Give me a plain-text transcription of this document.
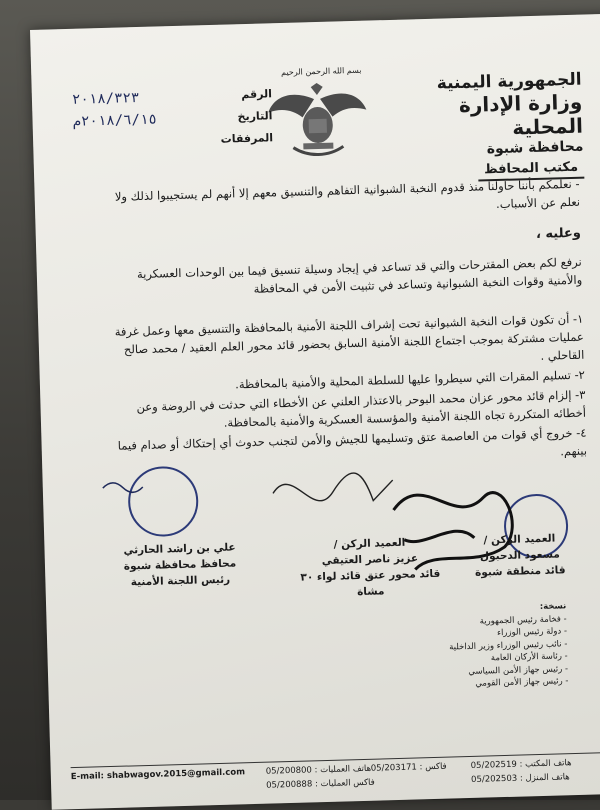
الجمهورية اليمنية
وزارة الإدارة المحلية
محافظة شبوة
مكتب المحافظ
بسم الله الرحمن الرحيم
الرقم
٢٠١٨/٣٢٣
التاريخ
٢٠١٨/٦/١٥م
المرفقات
- نعلمكم بأننا حاولنا منذ قدوم النخبة الشبوانية التفاهم والتنسيق معهم إلا أنهم لم يستجيبوا لذلك ولا نعلم عن الأسباب.
وعليه ،
نرفع لكم بعض المقترحات والتي قد تساعد في إيجاد وسيلة تنسيق فيما بين الوحدات العسكرية والأمنية وقوات النخبة الشبوانية وتساعد في تثبيت الأمن في المحافظة
١- أن تكون قوات النخبة الشبوانية تحت إشراف اللجنة الأمنية بالمحافظة والتنسيق معها وعمل غرفة عمليات مشتركة بموجب اجتماع اللجنة الأمنية السابق بحضور قائد محور العلم العقيد / محمد صالح القاحلي .
٢- تسليم المقرات التي سيطروا عليها للسلطة المحلية والأمنية بالمحافظة.
٣- إلزام قائد محور عزان محمد البوحر بالاعتذار العلني عن الأخطاء التي حدثت في الروضة وعن أخطائه المتكررة تجاه اللجنة الأمنية والمؤسسة العسكرية والأمنية بالمحافظة.
٤- خروج أي قوات من العاصمة عتق وتسليمها للجيش والأمن لتجنب حدوث أي إحتكاك أو صدام فيما بينهم.
العميد الركن /
مسعود الدحبول
قائد منطقة شبوة
العميد الركن /
عزيز ناصر العتيقي
قائد محور عتق قائد لواء ٣٠ مشاة
علي بن راشد الحارثي
محافظ محافظة شبوة
رئيس اللجنة الأمنية
نسخة:
- فخامة رئيس الجمهورية
- دولة رئيس الوزراء
- نائب رئيس الوزراء وزير الداخلية
- رئاسة الأركان العامة
- رئيس جهاز الأمن السياسي
- رئيس جهاز الأمن القومي
E-mail: shabwagov.2015@gmail.com هاتف العمليات : 05/200800
فاكس العمليات : 05/200888
فاكس : 05/203171	هاتف المكتب : 05/202519
هاتف المنزل : 05/202503
